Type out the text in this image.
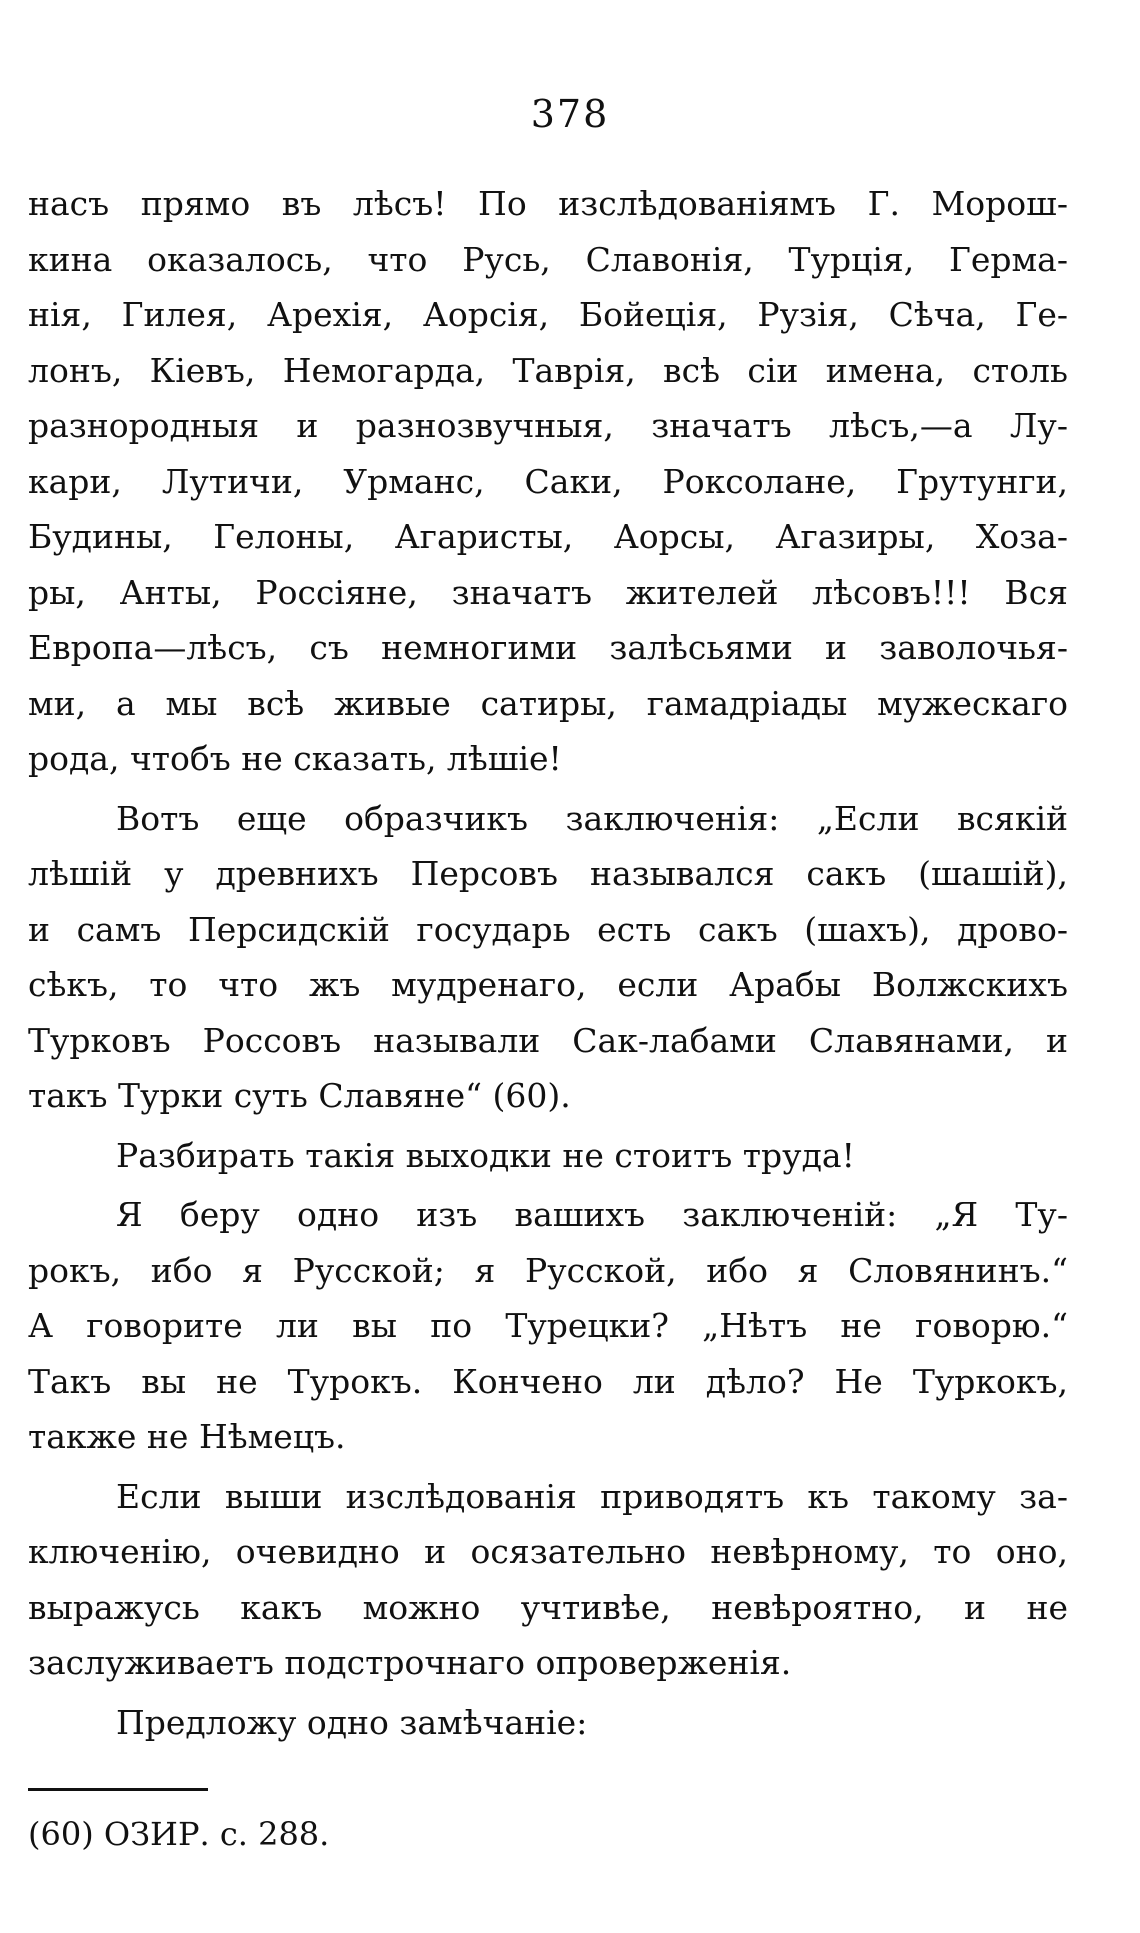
378
насъ прямо въ лѣсъ! По изслѣдованiямъ Г. Морош-
кина оказалось, что Русь, Славонiя, Турцiя, Герма-
нiя, Гилея, Арехiя, Аорсiя, Бойецiя, Рузiя, Сѣча, Ге-
лонъ, Кiевъ, Немогарда, Таврiя, всѣ сiи имена, столь
разнородныя и разнозвучныя, значатъ лѣсъ,—а Лу-
кари, Лутичи, Урманс, Саки, Роксолане, Грутунги,
Будины, Гелоны, Агаристы, Аорсы, Агазиры, Хоза-
ры, Анты, Россiяне, значатъ жителей лѣсовъ!!! Вся
Европа—лѣсъ, съ немногими залѣсьями и заволочья-
ми, а мы всѣ живые сатиры, гамадрiады мужескаго
рода, чтобъ не сказать, лѣшiе!
Вотъ еще образчикъ заключенiя: „Если всякiй
лѣшiй у древнихъ Персовъ назывался сакъ (шашiй),
и самъ Персидскiй государь есть сакъ (шахъ), дрово-
сѣкъ, то что жъ мудренаго, если Арабы Волжскихъ
Турковъ Россовъ называли Сак-лабами Славянами, и
такъ Турки суть Славяне“ (60).
Разбирать такiя выходки не стоитъ труда!
Я беру одно изъ вашихъ заключенiй: „Я Ту-
рокъ, ибо я Русской; я Русской, ибо я Словянинъ.“
А говорите ли вы по Турецки? „Нѣтъ не говорю.“
Такъ вы не Турокъ. Кончено ли дѣло? Не Туркокъ,
также не Нѣмецъ.
Если выши изслѣдованiя приводятъ къ такому за-
ключенiю, очевидно и осязательно невѣрному, то оно,
выражусь какъ можно учтивѣе, невѣроятно, и не
заслуживаетъ подстрочнаго опроверженiя.
Предложу одно замѣчанiе:
(60) ОЗИР. с. 288.
